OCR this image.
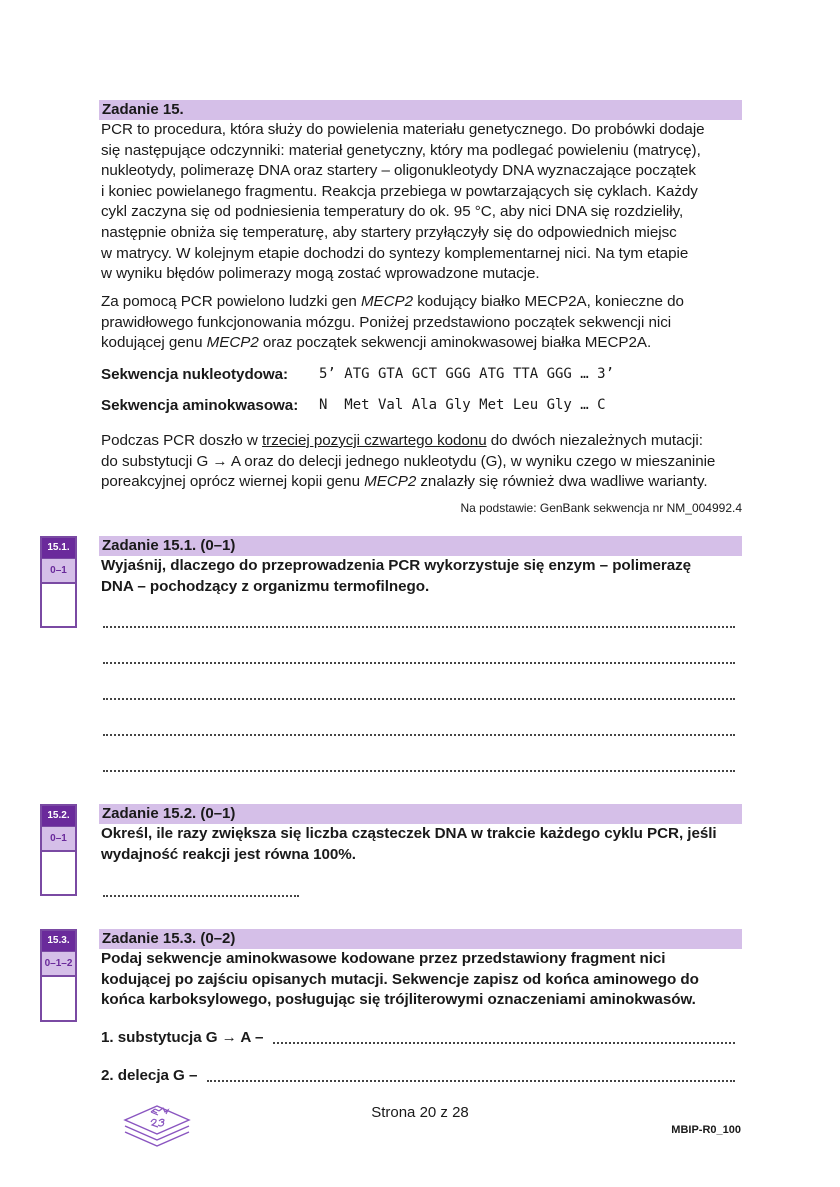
Zadanie 15.
PCR to procedura, która służy do powielenia materiału genetycznego. Do probówki dodaje
się następujące odczynniki: materiał genetyczny, który ma podlegać powieleniu (matrycę),
nukleotydy, polimerazę DNA oraz startery – oligonukleotydy DNA wyznaczające początek
i koniec powielanego fragmentu. Reakcja przebiega w powtarzających się cyklach. Każdy
cykl zaczyna się od podniesienia temperatury do ok. 95 °C, aby nici DNA się rozdzieliły,
następnie obniża się temperaturę, aby startery przyłączyły się do odpowiednich miejsc
w matrycy. W kolejnym etapie dochodzi do syntezy komplementarnej nici. Na tym etapie
w wyniku błędów polimerazy mogą zostać wprowadzone mutacje.
Za pomocą PCR powielono ludzki gen MECP2 kodujący białko MECP2A, konieczne do
prawidłowego funkcjonowania mózgu. Poniżej przedstawiono początek sekwencji nici
kodującej genu MECP2 oraz początek sekwencji aminokwasowej białka MECP2A.
Sekwencja nukleotydowa: 5’ ATG GTA GCT GGG ATG TTA GGG … 3’
Sekwencja aminokwasowa: N  Met Val Ala Gly Met Leu Gly … C
Podczas PCR doszło w trzeciej pozycji czwartego kodonu do dwóch niezależnych mutacji:
do substytucji G → A oraz do delecji jednego nukleotydu (G), w wyniku czego w mieszaninie
poreakcyjnej oprócz wiernej kopii genu MECP2 znalazły się również dwa wadliwe warianty.
Na podstawie: GenBank sekwencja nr NM_004992.4
15.1.
0–1
Zadanie 15.1. (0–1)
Wyjaśnij, dlaczego do przeprowadzenia PCR wykorzystuje się enzym – polimerazę
DNA – pochodzący z organizmu termofilnego.
15.2.
0–1
Zadanie 15.2. (0–1)
Określ, ile razy zwiększa się liczba cząsteczek DNA w trakcie każdego cyklu PCR, jeśli
wydajność reakcji jest równa 100%.
15.3.
0–1–2
Zadanie 15.3. (0–2)
Podaj sekwencje aminokwasowe kodowane przez przedstawiony fragment nici
kodującej po zajściu opisanych mutacji. Sekwencje zapisz od końca aminowego do
końca karboksylowego, posługując się trójliterowymi oznaczeniami aminokwasów.
1. substytucja G → A –
2. delecja G –
Strona 20 z 28
MBIP-R0_100
